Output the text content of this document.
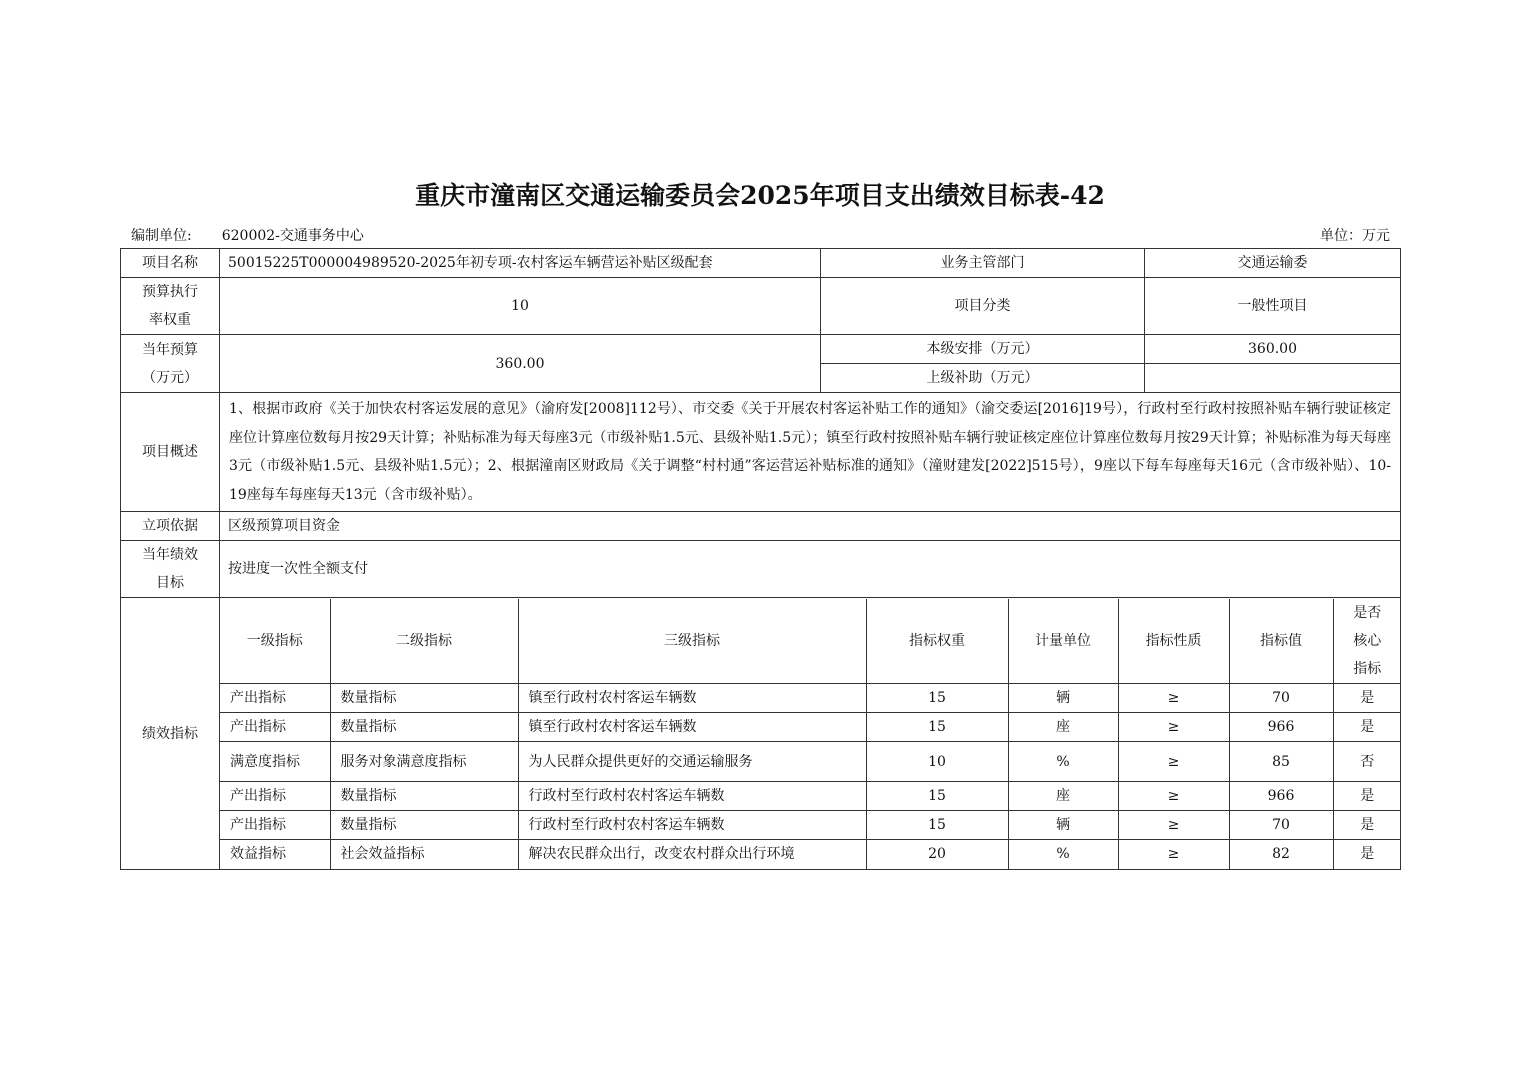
重庆市潼南区交通运输委员会2025年项目支出绩效目标表-42
编制单位: 620002-交通事务中心	单位：万元
项目名称	50015225T000004989520-2025年初专项-农村客运车辆营运补贴区级配套	业务主管部门	交通运输委

预算执行
率权重
	10	项目分类	一般性项目

当年预算
（万元）
	360.00	本级安排（万元）	360.00
上级补助（万元）	
项目概述	1、根据市政府《关于加快农村客运发展的意见》（渝府发[2008]112号）、市交委《关于开展农村客运补贴工作的通知》（渝交委运[2016]19号），行政村至行政村按照补贴车辆行驶证核定座位计算座位数每月按29天计算；补贴标准为每天每座3元（市级补贴1.5元、县级补贴1.5元）；镇至行政村按照补贴车辆行驶证核定座位计算座位数每月按29天计算；补贴标准为每天每座3元（市级补贴1.5元、县级补贴1.5元）；2、根据潼南区财政局《关于调整“村村通”客运营运补贴标准的通知》（潼财建发[2022]515号），9座以下每车每座每天16元（含市级补贴）、10-19座每车每座每天13元（含市级补贴）。
立项依据	区级预算项目资金

当年绩效
目标
	按进度一次性全额支付
绩效指标	
一级指标	二级指标	三级指标	指标权重	计量单位	指标性质	指标值	
是否
核心
指标

产出指标	数量指标	镇至行政村农村客运车辆数	15	辆	≥	70	是
产出指标	数量指标	镇至行政村农村客运车辆数	15	座	≥	966	是
满意度指标	服务对象满意度指标	为人民群众提供更好的交通运输服务	10	%	≥	85	否
产出指标	数量指标	行政村至行政村农村客运车辆数	15	座	≥	966	是
产出指标	数量指标	行政村至行政村农村客运车辆数	15	辆	≥	70	是
效益指标	社会效益指标	解决农民群众出行，改变农村群众出行环境	20	%	≥	82	是
